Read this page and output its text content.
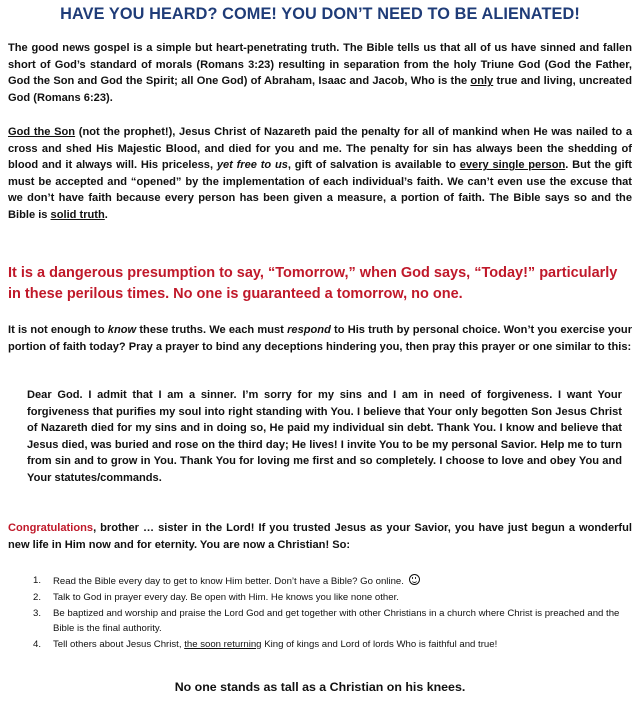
HAVE YOU HEARD? COME! YOU DON’T NEED TO BE ALIENATED!
The good news gospel is a simple but heart-penetrating truth. The Bible tells us that all of us have sinned and fallen short of God’s standard of morals (Romans 3:23) resulting in separation from the holy Triune God (God the Father, God the Son and God the Spirit; all One God) of Abraham, Isaac and Jacob, Who is the only true and living, uncreated God (Romans 6:23).
God the Son (not the prophet!), Jesus Christ of Nazareth paid the penalty for all of mankind when He was nailed to a cross and shed His Majestic Blood, and died for you and me. The penalty for sin has always been the shedding of blood and it always will. His priceless, yet free to us, gift of salvation is available to every single person. But the gift must be accepted and “opened” by the implementation of each individual’s faith. We can’t even use the excuse that we don’t have faith because every person has been given a measure, a portion of faith. The Bible says so and the Bible is solid truth.
It is a dangerous presumption to say, “Tomorrow,” when God says, “Today!” particularly in these perilous times. No one is guaranteed a tomorrow, no one.
It is not enough to know these truths. We each must respond to His truth by personal choice. Won’t you exercise your portion of faith today? Pray a prayer to bind any deceptions hindering you, then pray this prayer or one similar to this:
Dear God. I admit that I am a sinner. I’m sorry for my sins and I am in need of forgiveness. I want Your forgiveness that purifies my soul into right standing with You. I believe that Your only begotten Son Jesus Christ of Nazareth died for my sins and in doing so, He paid my individual sin debt. Thank You. I know and believe that Jesus died, was buried and rose on the third day; He lives! I invite You to be my personal Savior. Help me to turn from sin and to grow in You. Thank You for loving me first and so completely. I choose to love and obey You and Your statutes/commands.
Congratulations, brother … sister in the Lord! If you trusted Jesus as your Savior, you have just begun a wonderful new life in Him now and for eternity. You are now a Christian! So:
1. Read the Bible every day to get to know Him better. Don’t have a Bible? Go online.
2. Talk to God in prayer every day. Be open with Him. He knows you like none other.
3. Be baptized and worship and praise the Lord God and get together with other Christians in a church where Christ is preached and the Bible is the final authority.
4. Tell others about Jesus Christ, the soon returning King of kings and Lord of lords Who is faithful and true!
No one stands as tall as a Christian on his knees.
